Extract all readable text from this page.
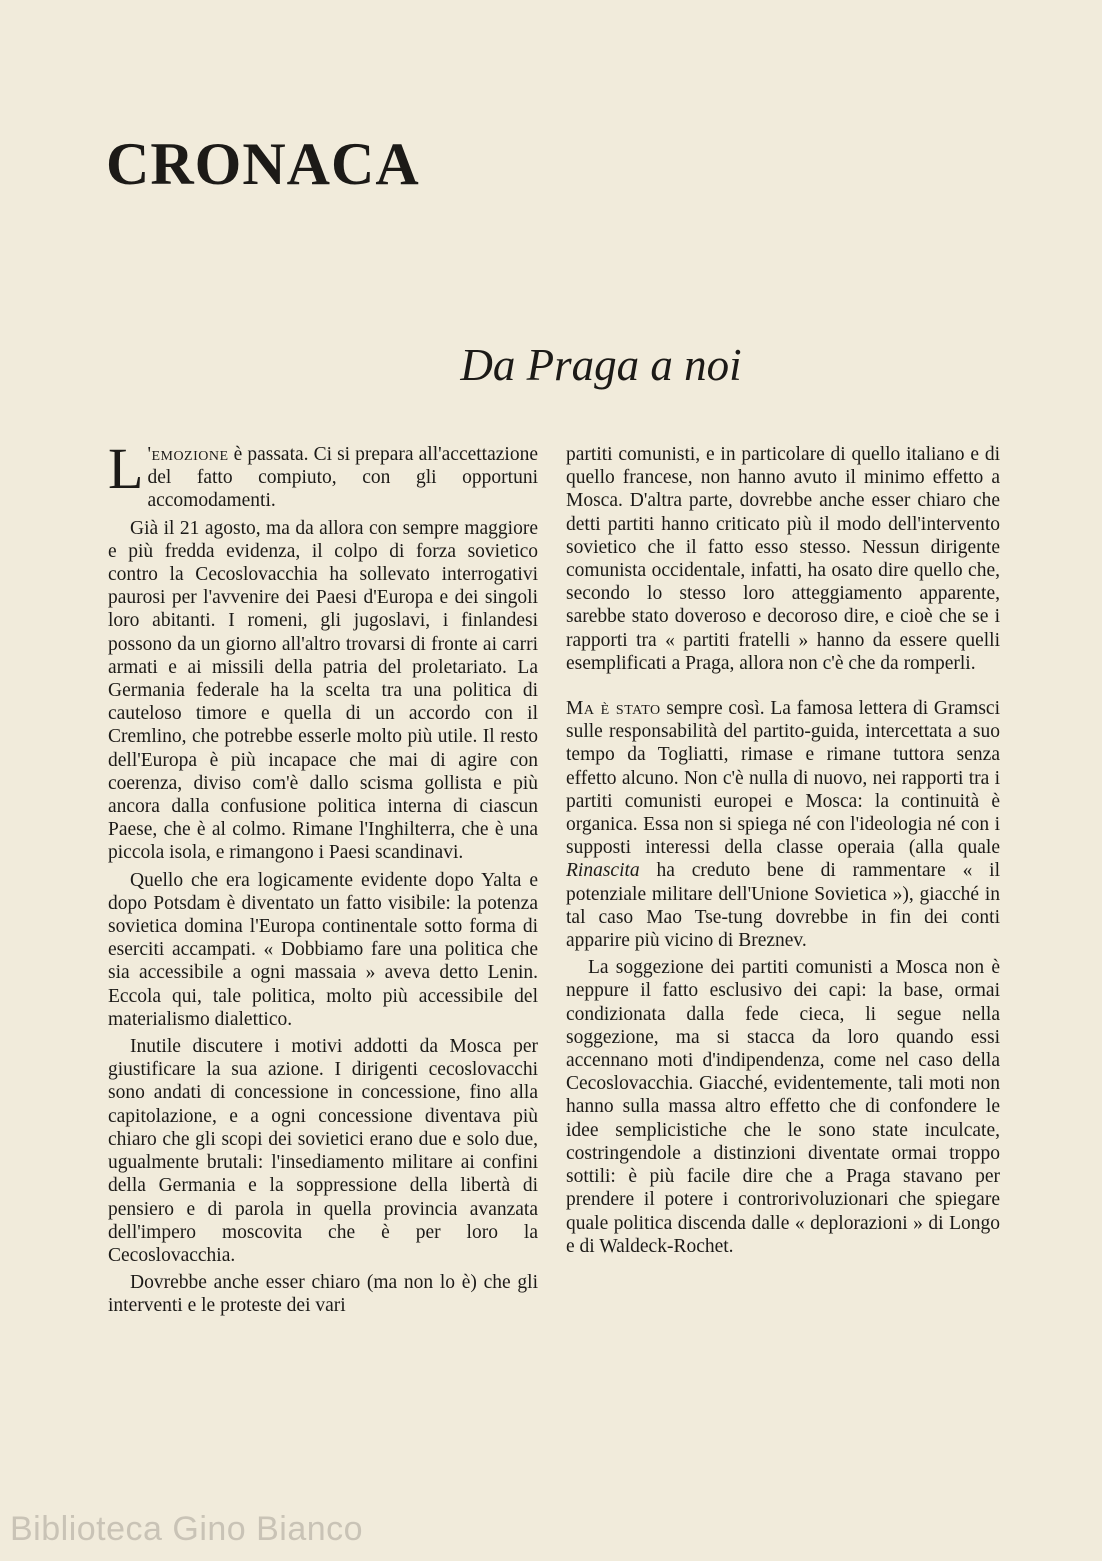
CRONACA
Da Praga a noi

L 'emozione è passata. Ci si prepara all'accettazione del fatto compiuto, con gli opportuni accomodamenti.

Già il 21 agosto, ma da allora con sempre maggiore e più fredda evidenza, il colpo di forza sovietico contro la Cecoslovacchia ha sollevato interrogativi paurosi per l'avvenire dei Paesi d'Europa e dei singoli loro abitanti. I romeni, gli jugoslavi, i finlandesi possono da un giorno all'altro trovarsi di fronte ai carri armati e ai missili della patria del proletariato. La Germania federale ha la scelta tra una politica di cauteloso timore e quella di un accordo con il Cremlino, che potrebbe esserle molto più utile. Il resto dell'Europa è più incapace che mai di agire con coerenza, diviso com'è dallo scisma gollista e più ancora dalla confusione politica interna di ciascun Paese, che è al colmo. Rimane l'Inghilterra, che è una piccola isola, e rimangono i Paesi scandinavi.

Quello che era logicamente evidente dopo Yalta e dopo Potsdam è diventato un fatto visibile: la potenza sovietica domina l'Europa continentale sotto forma di eserciti accampati. « Dobbiamo fare una politica che sia accessibile a ogni massaia » aveva detto Lenin. Eccola qui, tale politica, molto più accessibile del materialismo dialettico.

Inutile discutere i motivi addotti da Mosca per giustificare la sua azione. I dirigenti cecoslovacchi sono andati di concessione in concessione, fino alla capitolazione, e a ogni concessione diventava più chiaro che gli scopi dei sovietici erano due e solo due, ugualmente brutali: l'insediamento militare ai confini della Germania e la soppressione della libertà di pensiero e di parola in quella provincia avanzata dell'impero moscovita che è per loro la Cecoslovacchia.

Dovrebbe anche esser chiaro (ma non lo è) che gli interventi e le proteste dei vari

partiti comunisti, e in particolare di quello italiano e di quello francese, non hanno avuto il minimo effetto a Mosca. D'altra parte, dovrebbe anche esser chiaro che detti partiti hanno criticato più il modo dell'intervento sovietico che il fatto esso stesso. Nessun dirigente comunista occidentale, infatti, ha osato dire quello che, secondo lo stesso loro atteggiamento apparente, sarebbe stato doveroso e decoroso dire, e cioè che se i rapporti tra « partiti fratelli » hanno da essere quelli esemplificati a Praga, allora non c'è che da romperli.

Ma è stato sempre così. La famosa lettera di Gramsci sulle responsabilità del partito-guida, intercettata a suo tempo da Togliatti, rimase e rimane tuttora senza effetto alcuno. Non c'è nulla di nuovo, nei rapporti tra i partiti comunisti europei e Mosca: la continuità è organica. Essa non si spiega né con l'ideologia né con i supposti interessi della classe operaia (alla quale Rinascita ha creduto bene di rammentare « il potenziale militare dell'Unione Sovietica »), giacché in tal caso Mao Tse-tung dovrebbe in fin dei conti apparire più vicino di Breznev.

La soggezione dei partiti comunisti a Mosca non è neppure il fatto esclusivo dei capi: la base, ormai condizionata dalla fede cieca, li segue nella soggezione, ma si stacca da loro quando essi accennano moti d'indipendenza, come nel caso della Cecoslovacchia. Giacché, evidentemente, tali moti non hanno sulla massa altro effetto che di confondere le idee semplicistiche che le sono state inculcate, costringendole a distinzioni diventate ormai troppo sottili: è più facile dire che a Praga stavano per prendere il potere i controrivoluzionari che spiegare quale politica discenda dalle « deplorazioni » di Longo e di Waldeck-Rochet.

Biblioteca Gino Bianco
